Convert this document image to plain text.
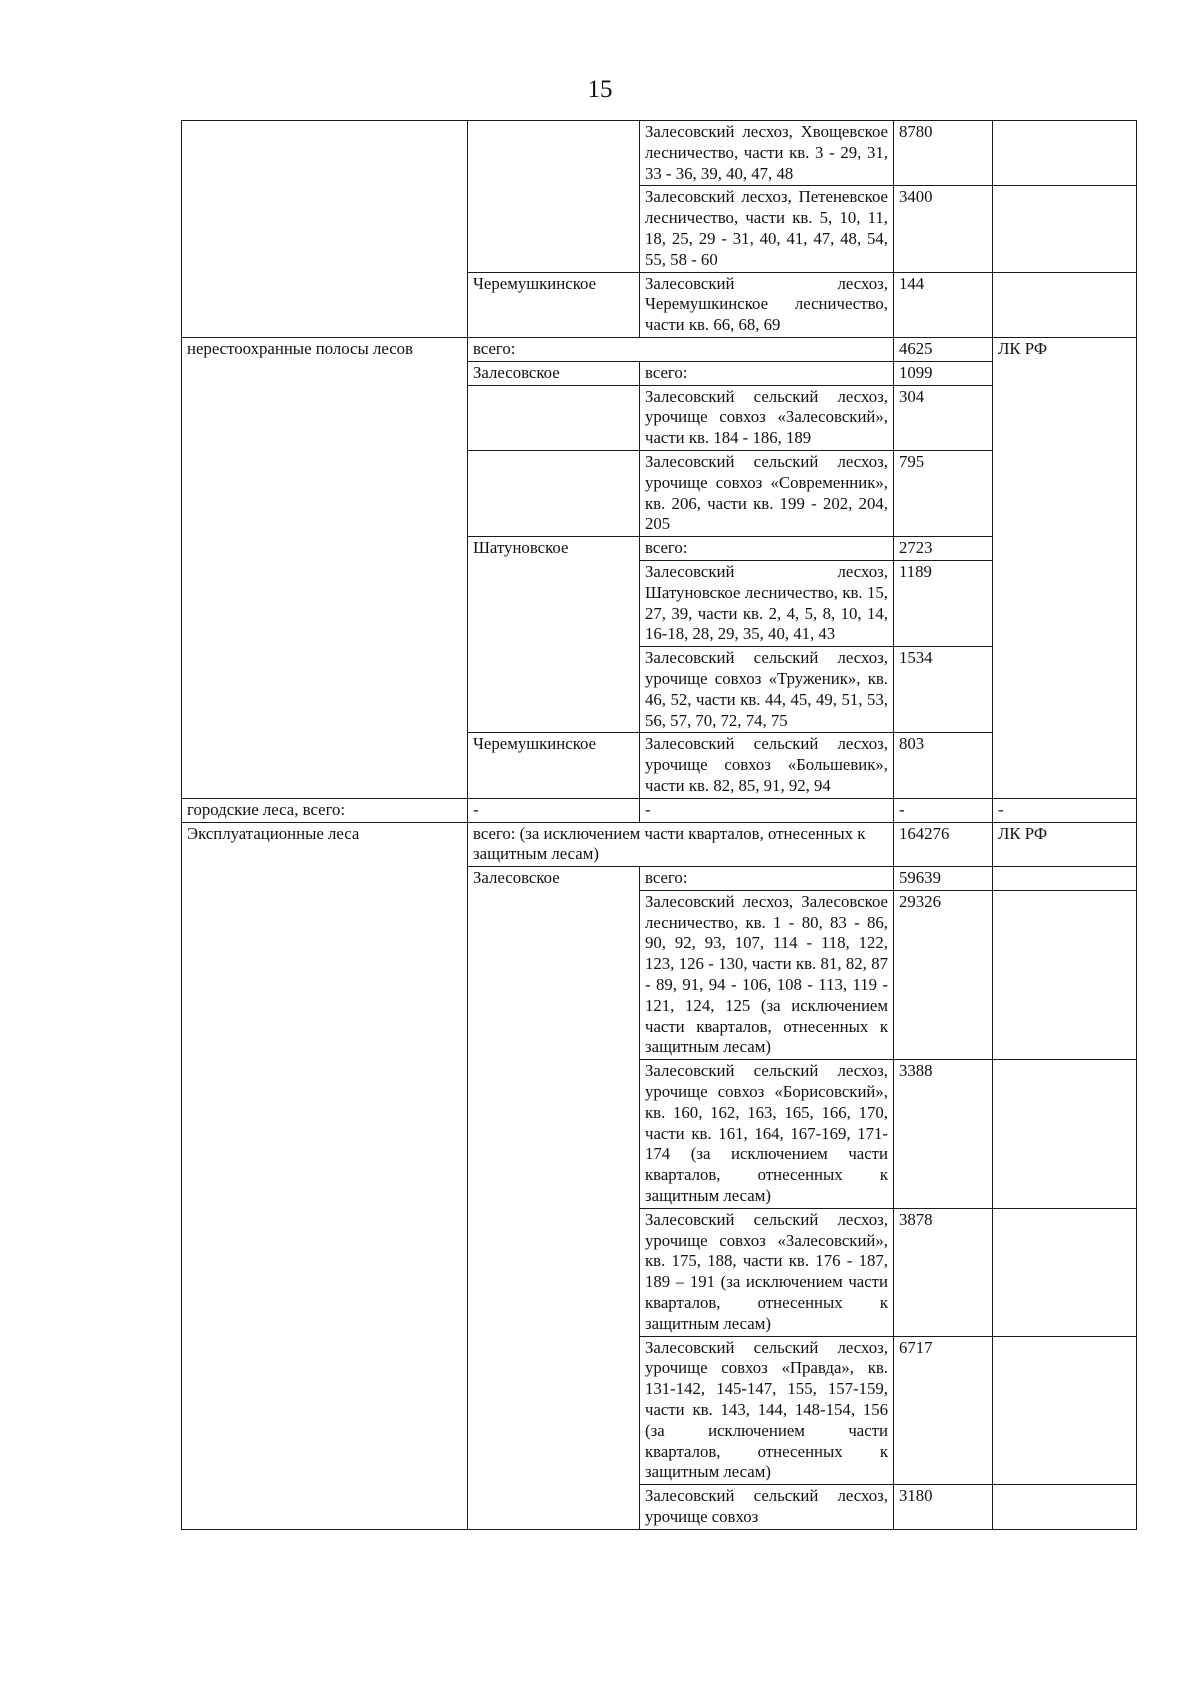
15
		Залесовский лесхоз, Хвощевское лесничество, части кв. 3 - 29, 31, 33 - 36, 39, 40, 47, 48	8780	
		Залесовский лесхоз, Петеневское лесничество, части кв. 5, 10, 11, 18, 25, 29 - 31, 40, 41, 47, 48, 54, 55, 58 - 60	3400	
	Черемушкинское	Залесовский лесхоз, Черемушкинское лесничество, части кв. 66, 68, 69	144	
нерестоохранные полосы лесов	всего:		4625	ЛК РФ
	Залесовское	всего:	1099	
		Залесовский сельский лесхоз, урочище совхоз «Залесовский», части кв. 184 - 186, 189	304	
		Залесовский сельский лесхоз, урочище совхоз «Современник», кв. 206, части кв. 199 - 202, 204, 205	795	
	Шатуновское	всего:	2723	
		Залесовский лесхоз, Шатуновское лесничество, кв. 15, 27, 39, части кв. 2, 4, 5, 8, 10, 14, 16-18, 28, 29, 35, 40, 41, 43	1189	
		Залесовский сельский лесхоз, урочище совхоз «Труженик», кв. 46, 52, части кв. 44, 45, 49, 51, 53, 56, 57, 70, 72, 74, 75	1534	
	Черемушкинское	Залесовский сельский лесхоз, урочище совхоз «Большевик», части кв. 82, 85, 91, 92, 94	803	
городские леса, всего:	-	-	-	-
Эксплуатационные леса	всего: (за исключением части кварталов, отнесенных к защитным лесам)		164276	ЛК РФ
	Залесовское	всего:	59639	
		Залесовский лесхоз, Залесовское лесничество, кв. 1 - 80, 83 - 86, 90, 92, 93, 107, 114 - 118, 122, 123, 126 - 130, части кв. 81, 82, 87 - 89, 91, 94 - 106, 108 - 113, 119 - 121, 124, 125 (за исключением части кварталов, отнесенных к защитным лесам)	29326	
		Залесовский сельский лесхоз, урочище совхоз «Борисовский», кв. 160, 162, 163, 165, 166, 170, части кв. 161, 164, 167-169, 171-174 (за исключением части кварталов, отнесенных к защитным лесам)	3388	
		Залесовский сельский лесхоз, урочище совхоз «Залесовский», кв. 175, 188, части кв. 176 - 187, 189 – 191 (за исключением части кварталов, отнесенных к защитным лесам)	3878	
		Залесовский сельский лесхоз, урочище совхоз «Правда», кв. 131-142, 145-147, 155, 157-159, части кв. 143, 144, 148-154, 156 (за исключением части кварталов, отнесенных к защитным лесам)	6717	
		Залесовский сельский лесхоз, урочище совхоз	3180	
